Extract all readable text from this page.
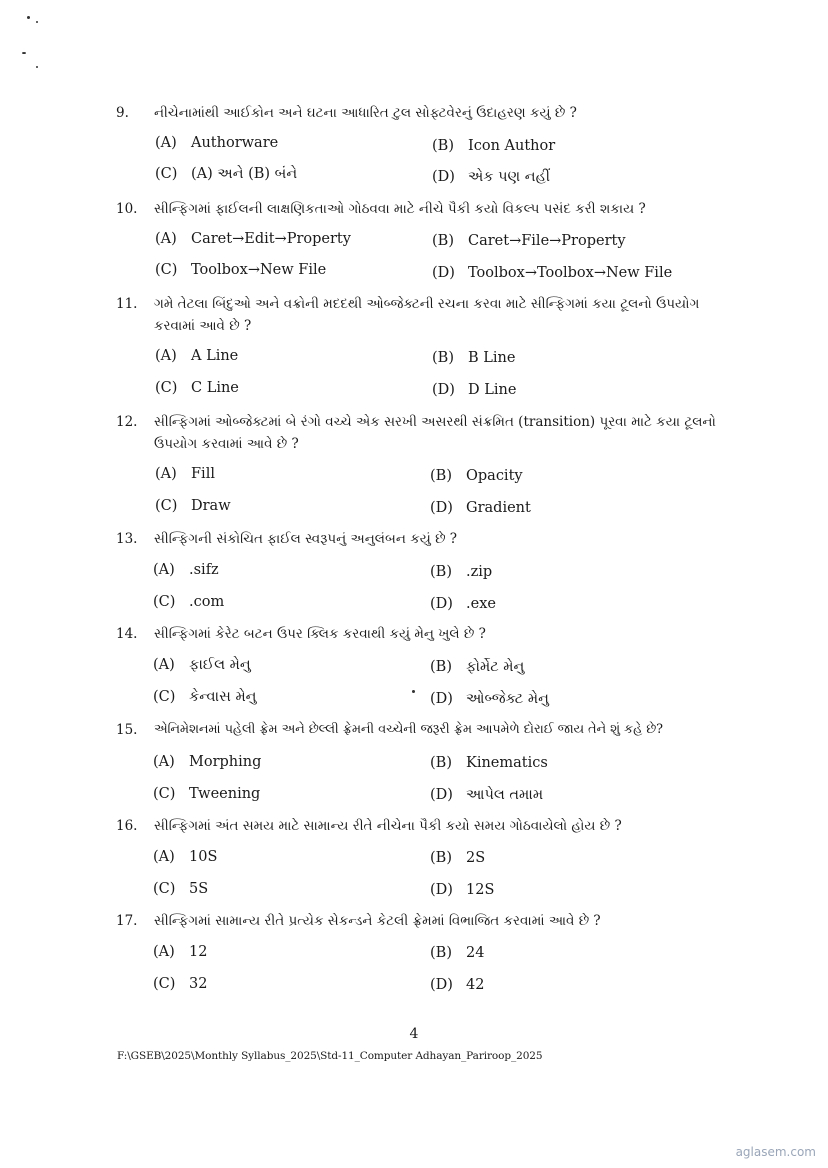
9.	નીચેનામાંથી આઈકોન અને ઘટના આધારિત ટુલ સોફ્ટવેરનું ઉદાહરણ કયું છે ?
(A) Authorware	(B) Icon Author
(C) (A) અને (B) બંને	(D) એક પણ નહીં
10.	સીન્ફિગમાં ફાઈલની લાક્ષણિકતાઓ ગોઠવવા માટે નીચે પૈકી કયો વિકલ્પ પસંદ કરી શકાય ?
(A) Caret→Edit→Property	(B) Caret→File→Property
(C) Toolbox→New File	(D) Toolbox→Toolbox→New File
11.	ગમે તેટલા બિંદુઓ અને વક્રોની મદદથી ઓબ્જેક્ટની રચના કરવા માટે સીન્ફિગમાં કયા ટૂલનો ઉપયોગ કરવામાં આવે છે ?
(A) A Line	(B) B Line
(C) C Line	(D) D Line
12.	સીન્ફિગમાં ઓબ્જેક્ટમાં બે રંગો વચ્ચે એક સરખી અસરથી સંક્રમિત (transition) પૂરવા માટે કયા ટૂલનો ઉપયોગ કરવામાં આવે છે ?
(A) Fill	(B) Opacity
(C) Draw	(D) Gradient
13.	સીન્ફિગની સંકોચિત ફાઈલ સ્વરૂપનું અનુલંબન કયું છે ?
(A) .sifz	(B) .zip
(C) .com	(D) .exe
14.	સીન્ફિગમાં કેરેટ બટન ઉપર ક્લિક કરવાથી કયું મેનુ ખુલે છે ?
(A) ફાઈલ મેનુ	(B) ફોર્મેટ મેનુ
(C) કેન્વાસ મેનુ	(D) ઓબ્જેક્ટ મેનુ
15.	એનિમેશનમાં પહેલી ફ્રેમ અને છેલ્લી ફ્રેમની વચ્ચેની જરૂરી ફ્રેમ આપમેળે દોરાઈ જાય તેને શું કહે છે?
(A) Morphing	(B) Kinematics
(C) Tweening	(D) આપેલ તમામ
16.	સીન્ફિગમાં અંત સમય માટે સામાન્ય રીતે નીચેના પૈકી કયો સમય ગોઠવાયેલો હોય છે ?
(A) 10S	(B) 2S
(C) 5S	(D) 12S
17.	સીન્ફિગમાં સામાન્ય રીતે પ્રત્યેક સેકન્ડને કેટલી ફ્રેમમાં વિભાજિત કરવામાં આવે છે ?
(A) 12	(B) 24
(C) 32	(D) 42
4
F:\GSEB\2025\Monthly Syllabus_2025\Std-11_Computer Adhayan_Pariroop_2025
aglasem.com
